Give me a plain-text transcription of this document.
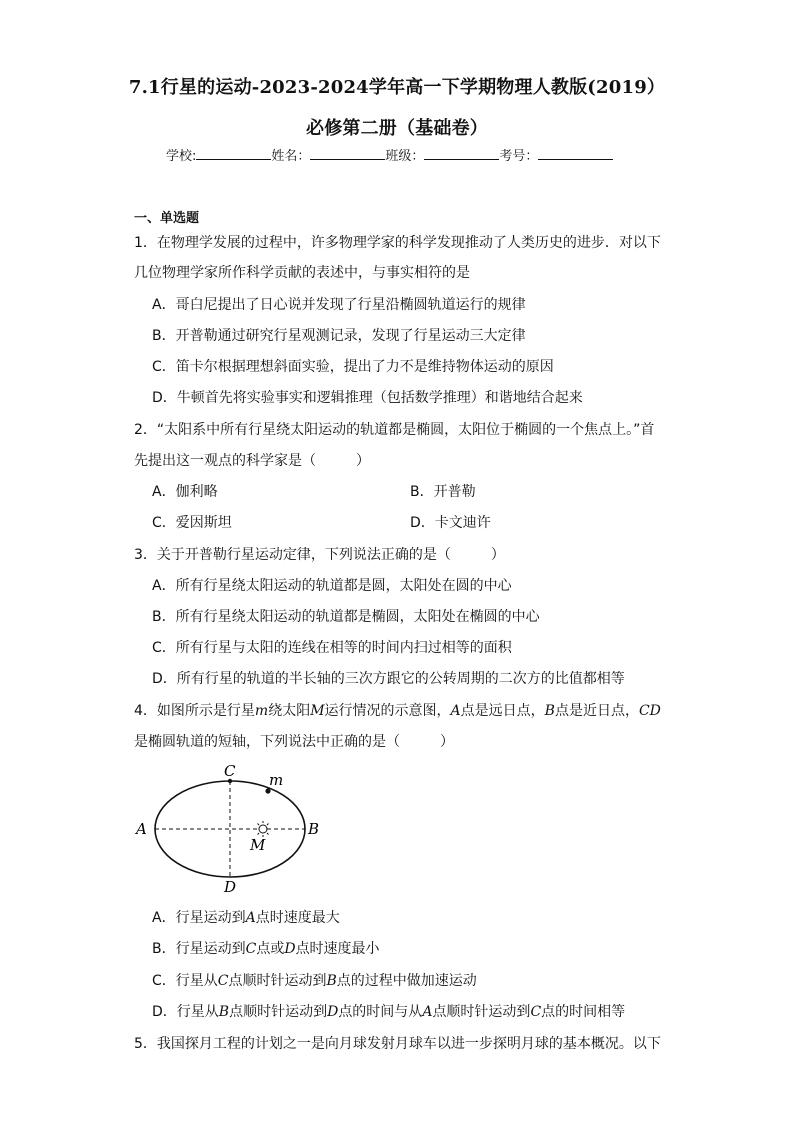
7.1行星的运动-2023-2024学年高一下学期物理人教版(2019）
必修第二册（基础卷）
学校:	姓名：	班级：	考号：
一、单选题
1．在物理学发展的过程中，许多物理学家的科学发现推动了人类历史的进步．对以下
几位物理学家所作科学贡献的表述中，与事实相符的是
A．哥白尼提出了日心说并发现了行星沿椭圆轨道运行的规律
B．开普勒通过研究行星观测记录，发现了行星运动三大定律
C．笛卡尔根据理想斜面实验，提出了力不是维持物体运动的原因
D．牛顿首先将实验事实和逻辑推理（包括数学推理）和谐地结合起来
2．“太阳系中所有行星绕太阳运动的轨道都是椭圆，太阳位于椭圆的一个焦点上。”首
先提出这一观点的科学家是（	）
A．伽利略	B．开普勒
C．爱因斯坦	D．卡文迪许
3．关于开普勒行星运动定律，下列说法正确的是（	）
A．所有行星绕太阳运动的轨道都是圆，太阳处在圆的中心
B．所有行星绕太阳运动的轨道都是椭圆，太阳处在椭圆的中心
C．所有行星与太阳的连线在相等的时间内扫过相等的面积
D．所有行星的轨道的半长轴的三次方跟它的公转周期的二次方的比值都相等
4．如图所示是行星m绕太阳M运行情况的示意图，A点是远日点，B点是近日点，CD
是椭圆轨道的短轴，下列说法中正确的是（	）
A	B
C
D
m
M
A．行星运动到A点时速度最大
B．行星运动到C点或D点时速度最小
C．行星从C点顺时针运动到B点的过程中做加速运动
D．行星从B点顺时针运动到D点的时间与从A点顺时针运动到C点的时间相等
5．我国探月工程的计划之一是向月球发射月球车以进一步探明月球的基本概况。以下
